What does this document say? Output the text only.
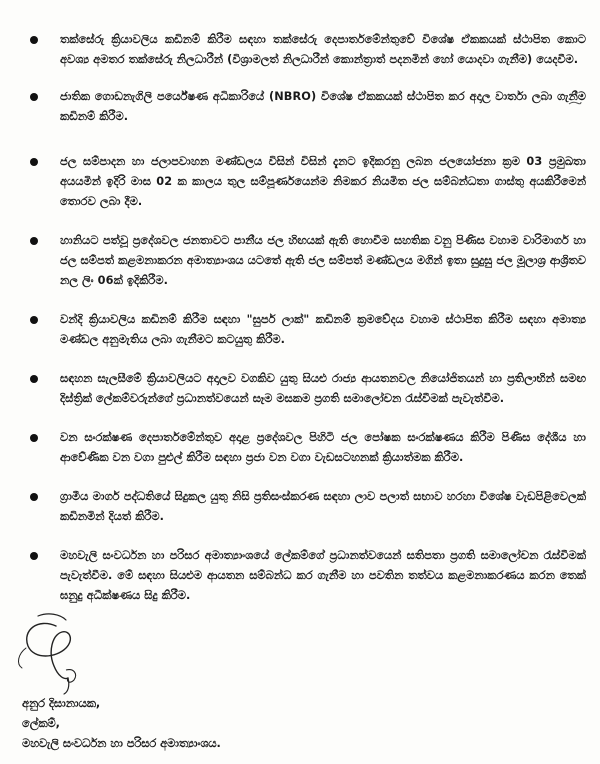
තක්සේරු ක්‍රියාවලිය කඩිනම් කිරීම සඳහා තක්සේරු දෙපාර්තමේන්තුවේ විශේෂ ඒකකයක් ස්ථාපිත කොට අවශ්‍ය අමතර තක්සේරු නිලධාරීන් (විශ්‍රාමලත් නිලධාරීන් කොන්ත්‍රාත් පදනමින් හෝ යොදවා ගැනීම) යෙදවීම.
ජාතික ගොඩනැගිලි පර්යේෂණ අධිකාරියේ (NBRO) විශේෂ ඒකකයක් ස්ථාපිත කර අදාල වාර්තා ලබා ගැනීම කඩිනම් කිරීම.
ජල සම්පාදන හා ජලාපවාහන මණ්ඩලය විසින් විසින් දැනට ඉදිකරනු ලබන ජලයෝජනා ක්‍රම 03 ප්‍රමුඛතා අයයමින් ඉදිරි මාස 02 ක කාලය තුල සම්පූර්ණයෙන්ම නිමකර නියමිත ජල සම්බන්ධතා ගාස්තු අයකිරීමෙන් තොරව ලබා දීම.
හානියට පත්වූ ප්‍රදේශවල ජනතාවට පානීය ජල හිඟයක් ඇති හොවීම සහතික වනු පිණිස වහාම වාරිමාර්ග හා ජල සම්පත් කළමනාකරන අමාත්‍යාංශය යටතේ ඇති ජල සම්පත් මණ්ඩලය මගින් ඉතා සුදුසු ජල මූලාශ්‍ර ආශ්‍රිතව නල ලිං 06ක් ඉදිකිරීම.
වන්දි ක්‍රියාවලිය කඩිනම් කිරීම සඳහා "සුපර් ලාක්" කඩිනම් ක්‍රමවේදය වහාම ස්ථාපිත කිරීම සඳහා අමාත්‍ය මණ්ඩල අනුමැතිය ලබා ගැනීමට කටයුතු කිරීම.
සඳහන සැලසීමේ ක්‍රියාවලියට අදාලව වගකිව යුතු සියළු රාජ්‍ය ආයතනවල නියෝජිතයන් හා ප්‍රතිලාභින් සමඟ දිස්ත්‍රික් ලේකම්වරුන්ගේ ප්‍රධානත්වයෙන් සෑම මසකම ප්‍රගති සමාලෝචන රැස්වීමක් පැවැත්වීම.
වන සංරක්ෂණ දෙපාර්තමේන්තුව අදාළ ප්‍රදේශවල පිහිටි ජල පෝෂක සංරක්ෂණය කිරීම පිණිස දේශීය හා ආවේණික වන වගා පුළුල් කිරීම සඳහා ප්‍රජා වන වගා වැඩසටහනක් ක්‍රියාත්මක කිරීම.
ග්‍රාමීය මාර්ග පද්ධතියේ සිදුකල යුතු නිසි ප්‍රතිසංස්කරණ සඳහා ලාව පලාත් සභාව හරහා විශේෂ වැඩපිළිවෙලක් කඩිනමින් දියත් කිරීම.
මහවැලි සංවර්ධන හා පරිසර අමාත්‍යාංශයේ ලේකම්ගේ ප්‍රධානත්වයෙන් සතිපතා ප්‍රගති සමාලෝචන රැස්වීමක් පැවැත්වීම. මේ සඳහා සියළුම ආයතන සම්බන්ධ කර ගැනීම හා පවතින තත්වය කළමනාකරණය කරන තෙක් ඝනුදු අධීක්ෂණය සිදු කිරීම.
අනුර දිසානායක,
ලේකම්,
මහවැලි සංවර්ධන හා පරිසර අමාත්‍යාංශය.
